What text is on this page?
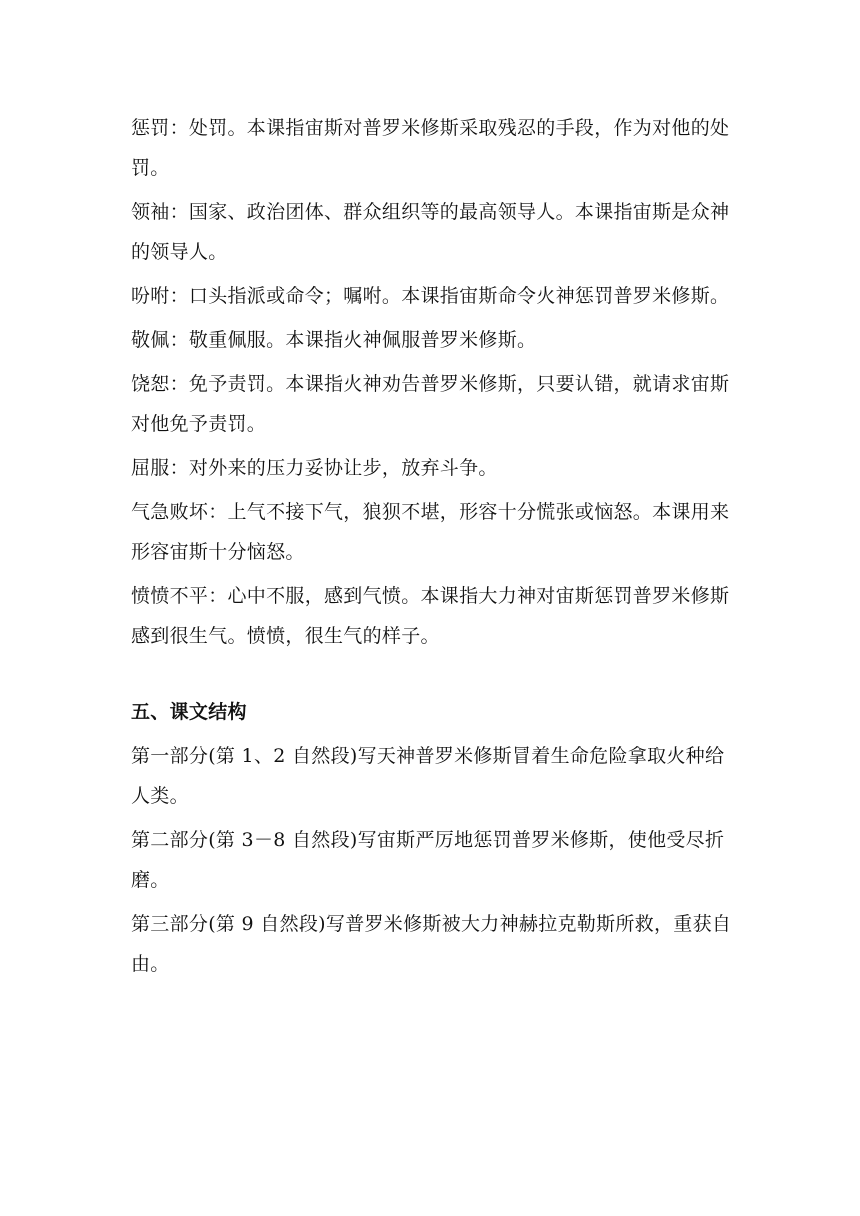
惩罚：处罚。本课指宙斯对普罗米修斯采取残忍的手段，作为对他的处罚。

领袖：国家、政治团体、群众组织等的最高领导人。本课指宙斯是众神的领导人。

吩咐：口头指派或命令；嘱咐。本课指宙斯命令火神惩罚普罗米修斯。

敬佩：敬重佩服。本课指火神佩服普罗米修斯。

饶恕：免予责罚。本课指火神劝告普罗米修斯，只要认错，就请求宙斯对他免予责罚。

屈服：对外来的压力妥协让步，放弃斗争。

气急败坏：上气不接下气，狼狈不堪，形容十分慌张或恼怒。本课用来形容宙斯十分恼怒。

愤愤不平：心中不服，感到气愤。本课指大力神对宙斯惩罚普罗米修斯感到很生气。愤愤，很生气的样子。

五、课文结构

第一部分(第 1、2 自然段)写天神普罗米修斯冒着生命危险拿取火种给人类。

第二部分(第 3－8 自然段)写宙斯严厉地惩罚普罗米修斯，使他受尽折磨。

第三部分(第 9 自然段)写普罗米修斯被大力神赫拉克勒斯所救，重获自由。
